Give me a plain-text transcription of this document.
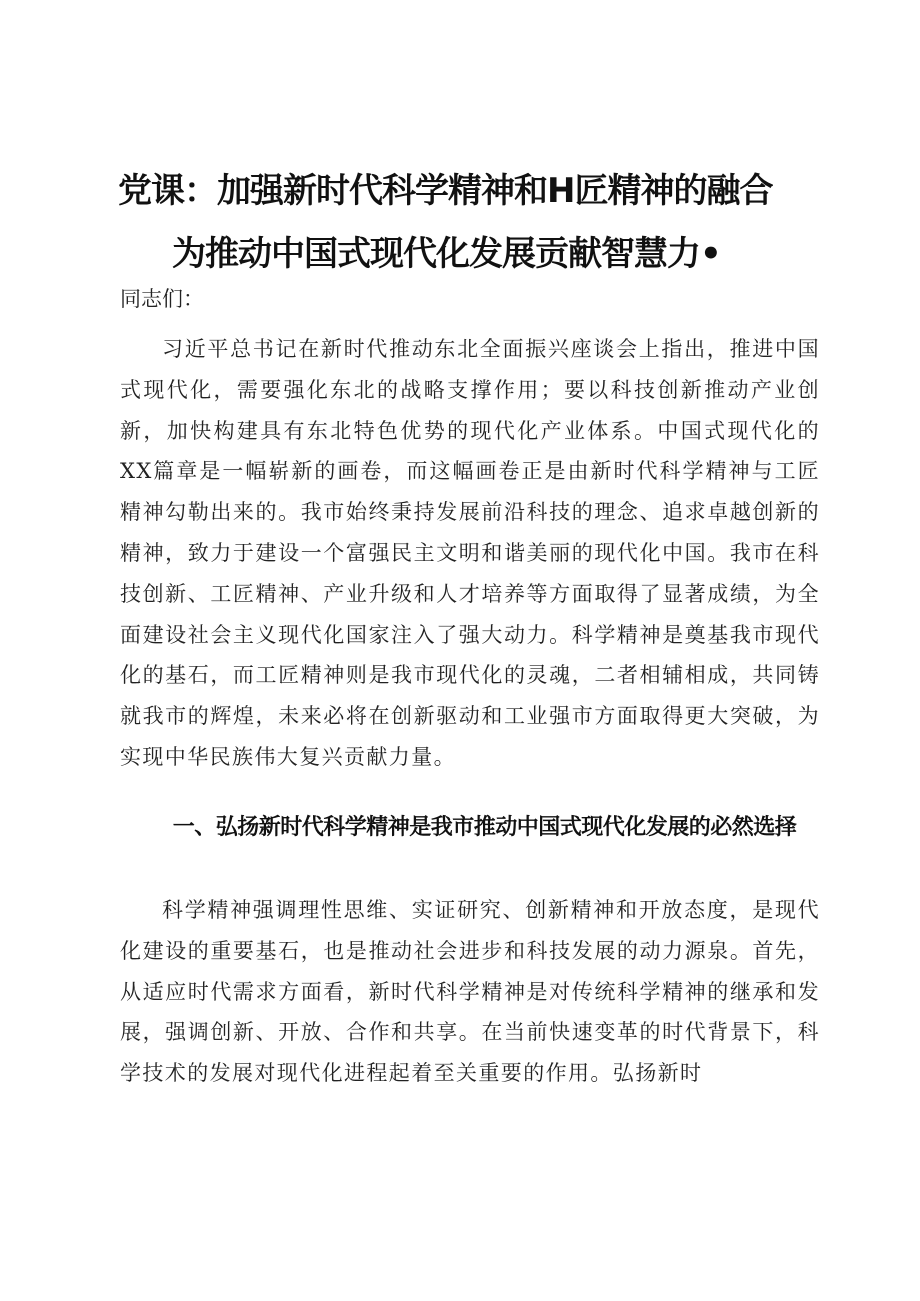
党课：加强新时代科学精神和H匠精神的融合
为推动中国式现代化发展贡献智慧力•

同志们：

习近平总书记在新时代推动东北全面振兴座谈会上指出，推进中国式现代化，需要强化东北的战略支撑作用；要以科技创新推动产业创新，加快构建具有东北特色优势的现代化产业体系。中国式现代化的XX篇章是一幅崭新的画卷，而这幅画卷正是由新时代科学精神与工匠精神勾勒出来的。我市始终秉持发展前沿科技的理念、追求卓越创新的精神，致力于建设一个富强民主文明和谐美丽的现代化中国。我市在科技创新、工匠精神、产业升级和人才培养等方面取得了显著成绩，为全面建设社会主义现代化国家注入了强大动力。科学精神是奠基我市现代化的基石，而工匠精神则是我市现代化的灵魂，二者相辅相成，共同铸就我市的辉煌，未来必将在创新驱动和工业强市方面取得更大突破，为实现中华民族伟大复兴贡献力量。

一、弘扬新时代科学精神是我市推动中国式现代化发展的必然选择

科学精神强调理性思维、实证研究、创新精神和开放态度，是现代化建设的重要基石，也是推动社会进步和科技发展的动力源泉。首先，从适应时代需求方面看，新时代科学精神是对传统科学精神的继承和发展，强调创新、开放、合作和共享。在当前快速变革的时代背景下，科学技术的发展对现代化进程起着至关重要的作用。弘扬新时
